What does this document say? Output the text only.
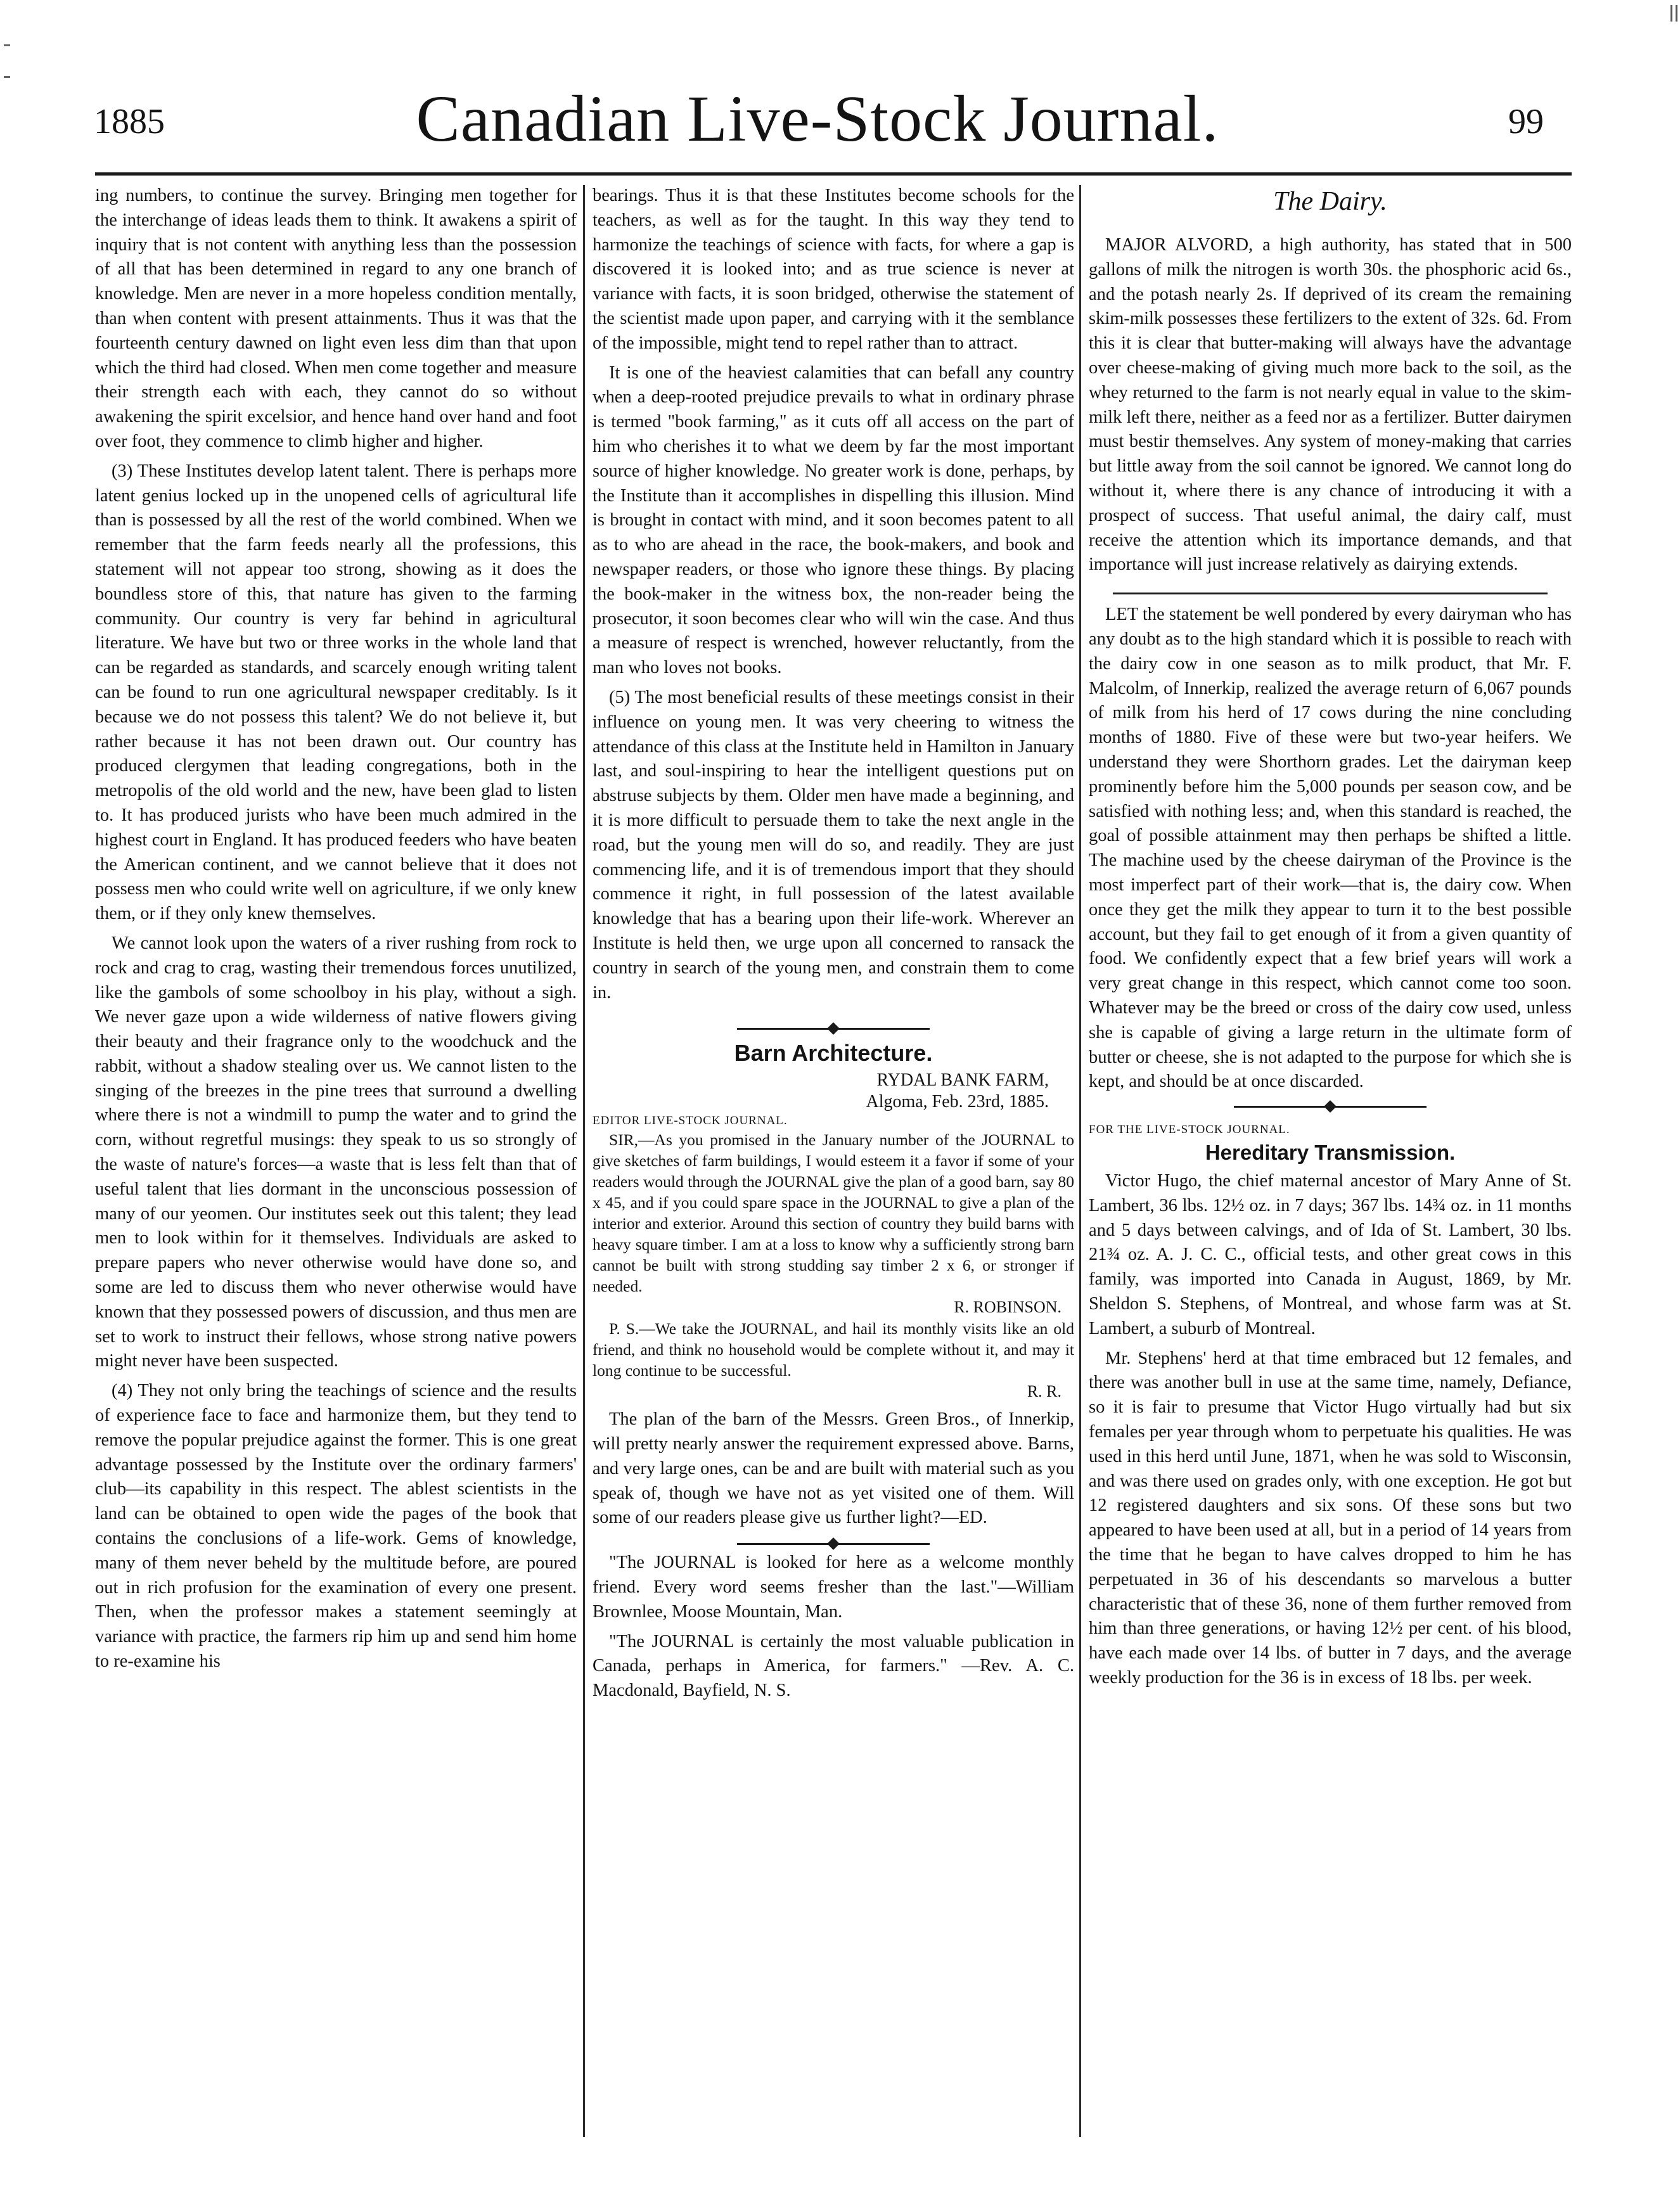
1885	Canadian Live-Stock Journal.	99

ing numbers, to continue the survey. Bringing men together for the interchange of ideas leads them to think. It awakens a spirit of inquiry that is not content with anything less than the possession of all that has been determined in regard to any one branch of knowledge. Men are never in a more hopeless condition mentally, than when content with present attainments. Thus it was that the fourteenth century dawned on light even less dim than that upon which the third had closed. When men come together and measure their strength each with each, they cannot do so without awakening the spirit excelsior, and hence hand over hand and foot over foot, they commence to climb higher and higher.

(3) These Institutes develop latent talent. There is perhaps more latent genius locked up in the unopened cells of agricultural life than is possessed by all the rest of the world combined. When we remember that the farm feeds nearly all the professions, this statement will not appear too strong, showing as it does the boundless store of this, that nature has given to the farming community. Our country is very far behind in agricultural literature. We have but two or three works in the whole land that can be regarded as standards, and scarcely enough writing talent can be found to run one agricultural newspaper creditably. Is it because we do not possess this talent? We do not believe it, but rather because it has not been drawn out. Our country has produced clergymen that leading congregations, both in the metropolis of the old world and the new, have been glad to listen to. It has produced jurists who have been much admired in the highest court in England. It has produced feeders who have beaten the American continent, and we cannot believe that it does not possess men who could write well on agriculture, if we only knew them, or if they only knew themselves.

We cannot look upon the waters of a river rushing from rock to rock and crag to crag, wasting their tremendous forces unutilized, like the gambols of some schoolboy in his play, without a sigh. We never gaze upon a wide wilderness of native flowers giving their beauty and their fragrance only to the woodchuck and the rabbit, without a shadow stealing over us. We cannot listen to the singing of the breezes in the pine trees that surround a dwelling where there is not a windmill to pump the water and to grind the corn, without regretful musings: they speak to us so strongly of the waste of nature's forces—a waste that is less felt than that of useful talent that lies dormant in the unconscious possession of many of our yeomen. Our institutes seek out this talent; they lead men to look within for it themselves. Individuals are asked to prepare papers who never otherwise would have done so, and some are led to discuss them who never otherwise would have known that they possessed powers of discussion, and thus men are set to work to instruct their fellows, whose strong native powers might never have been suspected.

(4) They not only bring the teachings of science and the results of experience face to face and harmonize them, but they tend to remove the popular prejudice against the former. This is one great advantage possessed by the Institute over the ordinary farmers' club—its capability in this respect. The ablest scientists in the land can be obtained to open wide the pages of the book that contains the conclusions of a life-work. Gems of knowledge, many of them never beheld by the multitude before, are poured out in rich profusion for the examination of every one present. Then, when the professor makes a statement seemingly at variance with practice, the farmers rip him up and send him home to re-examine his

bearings. Thus it is that these Institutes become schools for the teachers, as well as for the taught. In this way they tend to harmonize the teachings of science with facts, for where a gap is discovered it is looked into; and as true science is never at variance with facts, it is soon bridged, otherwise the statement of the scientist made upon paper, and carrying with it the semblance of the impossible, might tend to repel rather than to attract.

It is one of the heaviest calamities that can befall any country when a deep-rooted prejudice prevails to what in ordinary phrase is termed "book farming," as it cuts off all access on the part of him who cherishes it to what we deem by far the most important source of higher knowledge. No greater work is done, perhaps, by the Institute than it accomplishes in dispelling this illusion. Mind is brought in contact with mind, and it soon becomes patent to all as to who are ahead in the race, the book-makers, and book and newspaper readers, or those who ignore these things. By placing the book-maker in the witness box, the non-reader being the prosecutor, it soon becomes clear who will win the case. And thus a measure of respect is wrenched, however reluctantly, from the man who loves not books.

(5) The most beneficial results of these meetings consist in their influence on young men. It was very cheering to witness the attendance of this class at the Institute held in Hamilton in January last, and soul-inspiring to hear the intelligent questions put on abstruse subjects by them. Older men have made a beginning, and it is more difficult to persuade them to take the next angle in the road, but the young men will do so, and readily. They are just commencing life, and it is of tremendous import that they should commence it right, in full possession of the latest available knowledge that has a bearing upon their life-work. Wherever an Institute is held then, we urge upon all concerned to ransack the country in search of the young men, and constrain them to come in.

Barn Architecture.
RYDAL BANK FARM,
Algoma, Feb. 23rd, 1885.
EDITOR LIVE-STOCK JOURNAL.

SIR,—As you promised in the January number of the JOURNAL to give sketches of farm buildings, I would esteem it a favor if some of your readers would through the JOURNAL give the plan of a good barn, say 80 x 45, and if you could spare space in the JOURNAL to give a plan of the interior and exterior. Around this section of country they build barns with heavy square timber. I am at a loss to know why a sufficiently strong barn cannot be built with strong studding say timber 2 x 6, or stronger if needed.

R. ROBINSON.

P. S.—We take the JOURNAL, and hail its monthly visits like an old friend, and think no household would be complete without it, and may it long continue to be successful.

R. R.

The plan of the barn of the Messrs. Green Bros., of Innerkip, will pretty nearly answer the requirement expressed above. Barns, and very large ones, can be and are built with material such as you speak of, though we have not as yet visited one of them. Will some of our readers please give us further light?—ED.

"The JOURNAL is looked for here as a welcome monthly friend. Every word seems fresher than the last."—William Brownlee, Moose Mountain, Man.

"The JOURNAL is certainly the most valuable publication in Canada, perhaps in America, for farmers." —Rev. A. C. Macdonald, Bayfield, N. S.

The Dairy.

MAJOR ALVORD, a high authority, has stated that in 500 gallons of milk the nitrogen is worth 30s. the phosphoric acid 6s., and the potash nearly 2s. If deprived of its cream the remaining skim-milk possesses these fertilizers to the extent of 32s. 6d. From this it is clear that butter-making will always have the advantage over cheese-making of giving much more back to the soil, as the whey returned to the farm is not nearly equal in value to the skim-milk left there, neither as a feed nor as a fertilizer. Butter dairymen must bestir themselves. Any system of money-making that carries but little away from the soil cannot be ignored. We cannot long do without it, where there is any chance of introducing it with a prospect of success. That useful animal, the dairy calf, must receive the attention which its importance demands, and that importance will just increase relatively as dairying extends.

LET the statement be well pondered by every dairyman who has any doubt as to the high standard which it is possible to reach with the dairy cow in one season as to milk product, that Mr. F. Malcolm, of Innerkip, realized the average return of 6,067 pounds of milk from his herd of 17 cows during the nine concluding months of 1880. Five of these were but two-year heifers. We understand they were Shorthorn grades. Let the dairyman keep prominently before him the 5,000 pounds per season cow, and be satisfied with nothing less; and, when this standard is reached, the goal of possible attainment may then perhaps be shifted a little. The machine used by the cheese dairyman of the Province is the most imperfect part of their work—that is, the dairy cow. When once they get the milk they appear to turn it to the best possible account, but they fail to get enough of it from a given quantity of food. We confidently expect that a few brief years will work a very great change in this respect, which cannot come too soon. Whatever may be the breed or cross of the dairy cow used, unless she is capable of giving a large return in the ultimate form of butter or cheese, she is not adapted to the purpose for which she is kept, and should be at once discarded.

FOR THE LIVE-STOCK JOURNAL.
Hereditary Transmission.

Victor Hugo, the chief maternal ancestor of Mary Anne of St. Lambert, 36 lbs. 12½ oz. in 7 days; 367 lbs. 14¾ oz. in 11 months and 5 days between calvings, and of Ida of St. Lambert, 30 lbs. 21¾ oz. A. J. C. C., official tests, and other great cows in this family, was imported into Canada in August, 1869, by Mr. Sheldon S. Stephens, of Montreal, and whose farm was at St. Lambert, a suburb of Montreal.

Mr. Stephens' herd at that time embraced but 12 females, and there was another bull in use at the same time, namely, Defiance, so it is fair to presume that Victor Hugo virtually had but six females per year through whom to perpetuate his qualities. He was used in this herd until June, 1871, when he was sold to Wisconsin, and was there used on grades only, with one exception. He got but 12 registered daughters and six sons. Of these sons but two appeared to have been used at all, but in a period of 14 years from the time that he began to have calves dropped to him he has perpetuated in 36 of his descendants so marvelous a butter characteristic that of these 36, none of them further removed from him than three generations, or having 12½ per cent. of his blood, have each made over 14 lbs. of butter in 7 days, and the average weekly production for the 36 is in excess of 18 lbs. per week.
